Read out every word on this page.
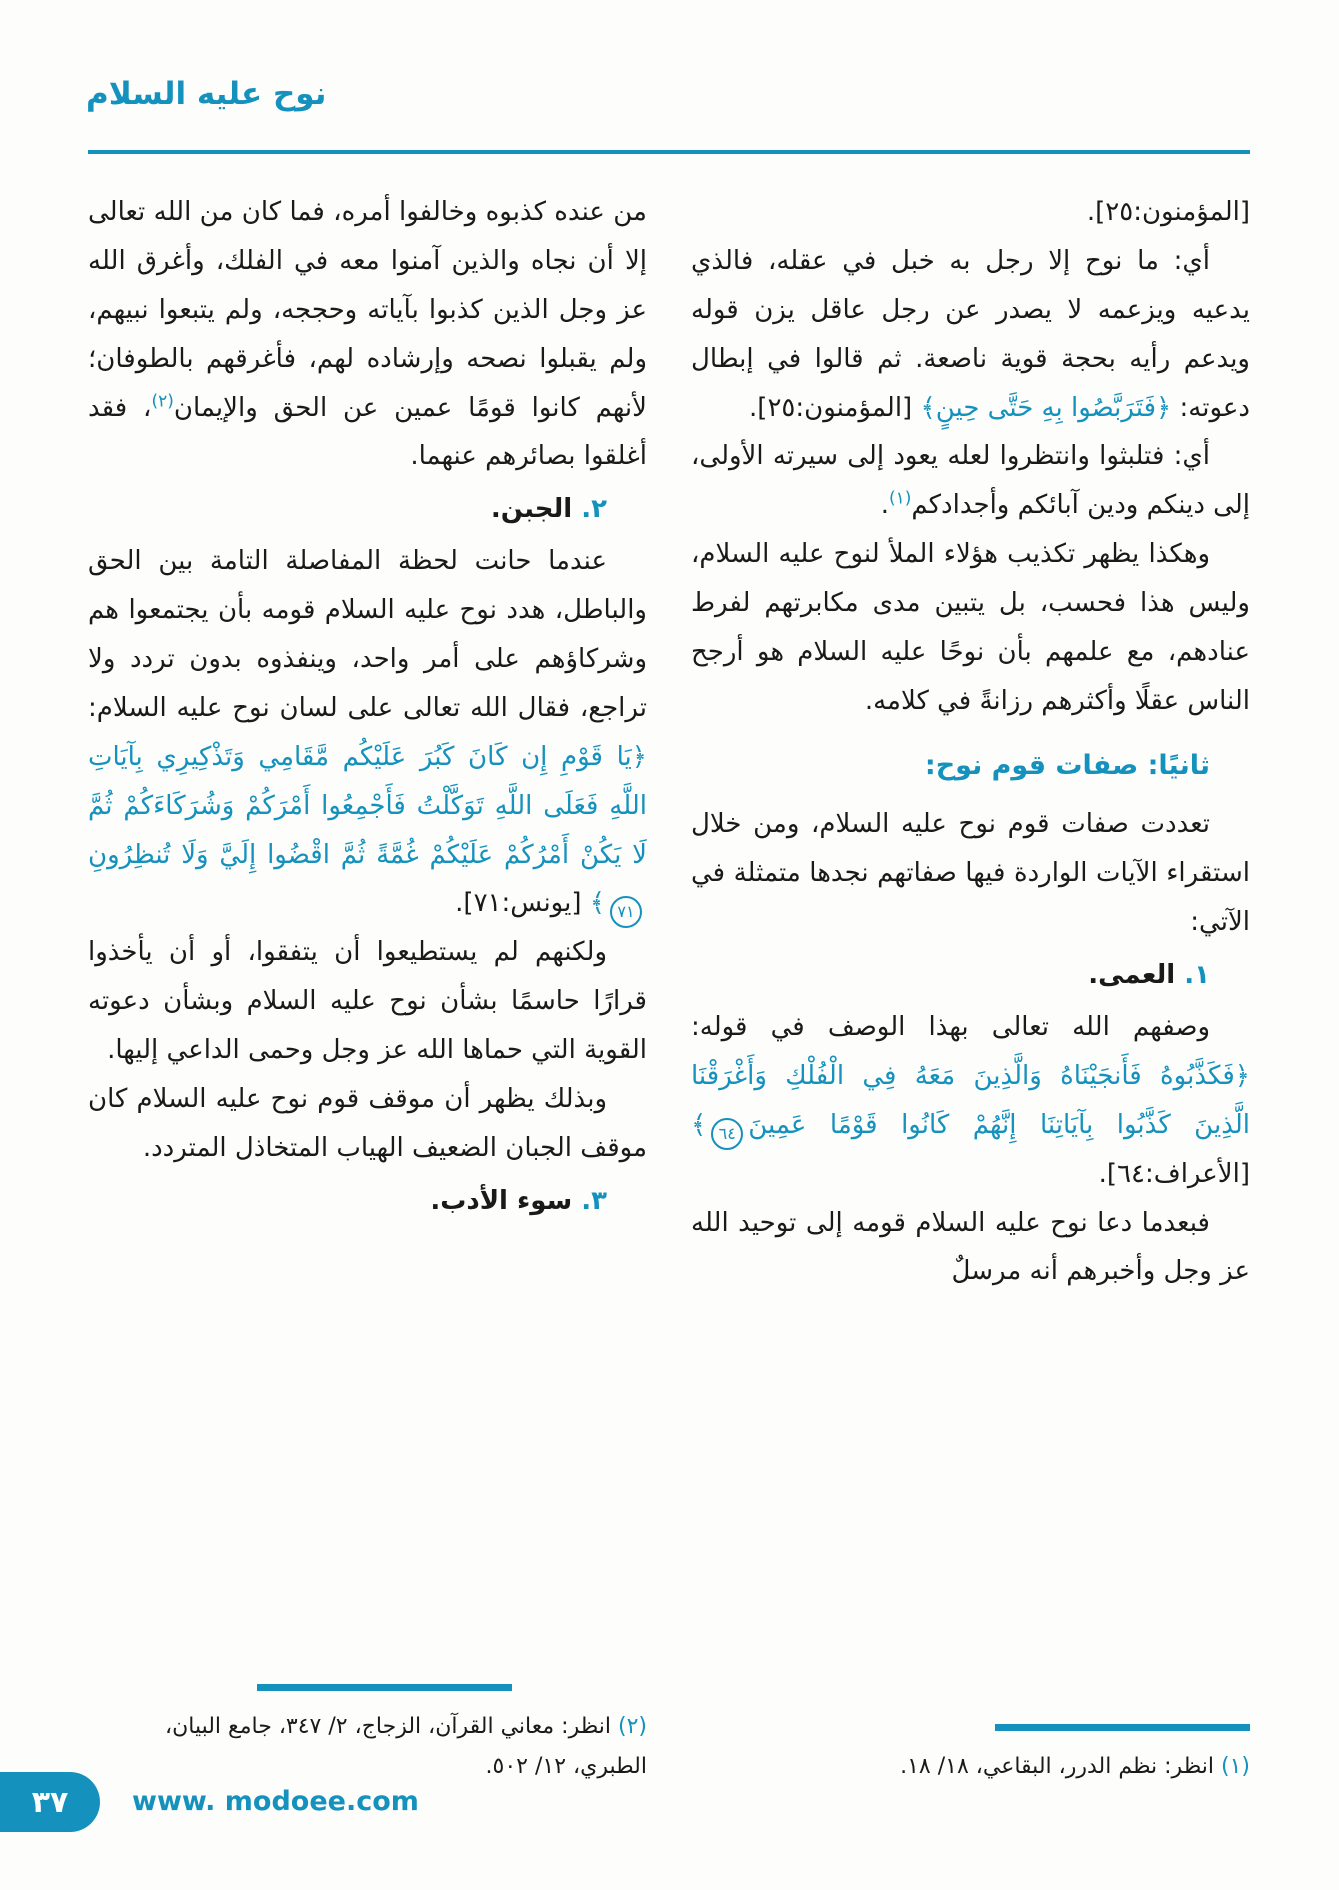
نوح عليه السلام

[المؤمنون:٢٥].

أي: ما نوح إلا رجل به خبل في عقله، فالذي يدعيه ويزعمه لا يصدر عن رجل عاقل يزن قوله ويدعم رأيه بحجة قوية ناصعة. ثم قالوا في إبطال دعوته: ﴿فَتَرَبَّصُوا بِهِ حَتَّى حِينٍ﴾ [المؤمنون:٢٥].

أي: فتلبثوا وانتظروا لعله يعود إلى سيرته الأولى، إلى دينكم ودين آبائكم وأجدادكم$^{(١)}$.

وهكذا يظهر تكذيب هؤلاء الملأ لنوح عليه السلام، وليس هذا فحسب، بل يتبين مدى مكابرتهم لفرط عنادهم، مع علمهم بأن نوحًا عليه السلام هو أرجح الناس عقلًا وأكثرهم رزانةً في كلامه.

ثانيًا: صفات قوم نوح:

تعددت صفات قوم نوح عليه السلام، ومن خلال استقراء الآيات الواردة فيها صفاتهم نجدها متمثلة في الآتي:

١. العمى.

وصفهم الله تعالى بهذا الوصف في قوله: ﴿فَكَذَّبُوهُ فَأَنجَيْنَاهُ وَالَّذِينَ مَعَهُ فِي الْفُلْكِ وَأَغْرَقْنَا الَّذِينَ كَذَّبُوا بِآيَاتِنَا إِنَّهُمْ كَانُوا قَوْمًا عَمِينَ٦٤﴾ [الأعراف:٦٤].

فبعدما دعا نوح عليه السلام قومه إلى توحيد الله عز وجل وأخبرهم أنه مرسلٌ

(١) انظر: نظم الدرر، البقاعي، ١٨/ ١٨.

من عنده كذبوه وخالفوا أمره، فما كان من الله تعالى إلا أن نجاه والذين آمنوا معه في الفلك، وأغرق الله عز وجل الذين كذبوا بآياته وحججه، ولم يتبعوا نبيهم، ولم يقبلوا نصحه وإرشاده لهم، فأغرقهم بالطوفان؛ لأنهم كانوا قومًا عمين عن الحق والإيمان$^{(٢)}$، فقد أغلقوا بصائرهم عنهما.

٢. الجبن.

عندما حانت لحظة المفاصلة التامة بين الحق والباطل، هدد نوح عليه السلام قومه بأن يجتمعوا هم وشركاؤهم على أمر واحد، وينفذوه بدون تردد ولا تراجع، فقال الله تعالى على لسان نوح عليه السلام: ﴿يَا قَوْمِ إِن كَانَ كَبُرَ عَلَيْكُم مَّقَامِي وَتَذْكِيرِي بِآيَاتِ اللَّهِ فَعَلَى اللَّهِ تَوَكَّلْتُ فَأَجْمِعُوا أَمْرَكُمْ وَشُرَكَاءَكُمْ ثُمَّ لَا يَكُنْ أَمْرُكُمْ عَلَيْكُمْ غُمَّةً ثُمَّ اقْضُوا إِلَيَّ وَلَا تُنظِرُونِ٧١﴾ [يونس:٧١].

ولكنهم لم يستطيعوا أن يتفقوا، أو أن يأخذوا قرارًا حاسمًا بشأن نوح عليه السلام وبشأن دعوته القوية التي حماها الله عز وجل وحمى الداعي إليها.

وبذلك يظهر أن موقف قوم نوح عليه السلام كان موقف الجبان الضعيف الهياب المتخاذل المتردد.

٣. سوء الأدب.

(٢) انظر: معاني القرآن، الزجاج، ٢/ ٣٤٧، جامع البيان، الطبري، ١٢/ ٥٠٢.

٣٧ www. modoee.com
